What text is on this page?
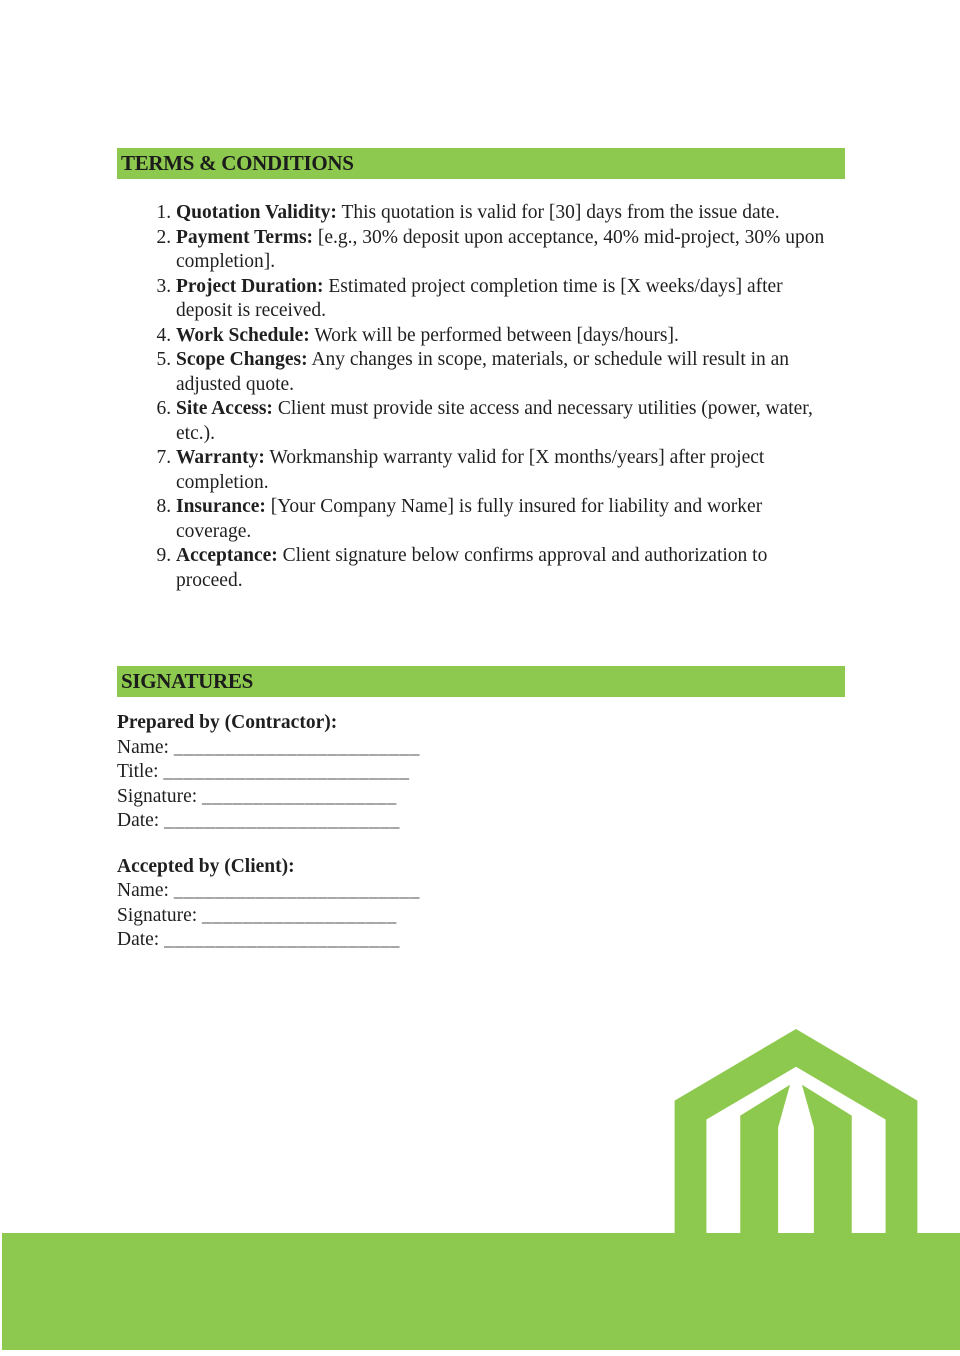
TERMS & CONDITIONS
1. Quotation Validity: This quotation is valid for [30] days from the issue date.
2. Payment Terms: [e.g., 30% deposit upon acceptance, 40% mid-project, 30% upon completion].
3. Project Duration: Estimated project completion time is [X weeks/days] after deposit is received.
4. Work Schedule: Work will be performed between [days/hours].
5. Scope Changes: Any changes in scope, materials, or schedule will result in an adjusted quote.
6. Site Access: Client must provide site access and necessary utilities (power, water, etc.).
7. Warranty: Workmanship warranty valid for [X months/years] after project completion.
8. Insurance: [Your Company Name] is fully insured for liability and worker coverage.
9. Acceptance: Client signature below confirms approval and authorization to proceed.
SIGNATURES
Prepared by (Contractor):
Name: ________________________
Title: ________________________
Signature: ___________________
Date: _______________________
Accepted by (Client):
Name: ________________________
Signature: ___________________
Date: _______________________
